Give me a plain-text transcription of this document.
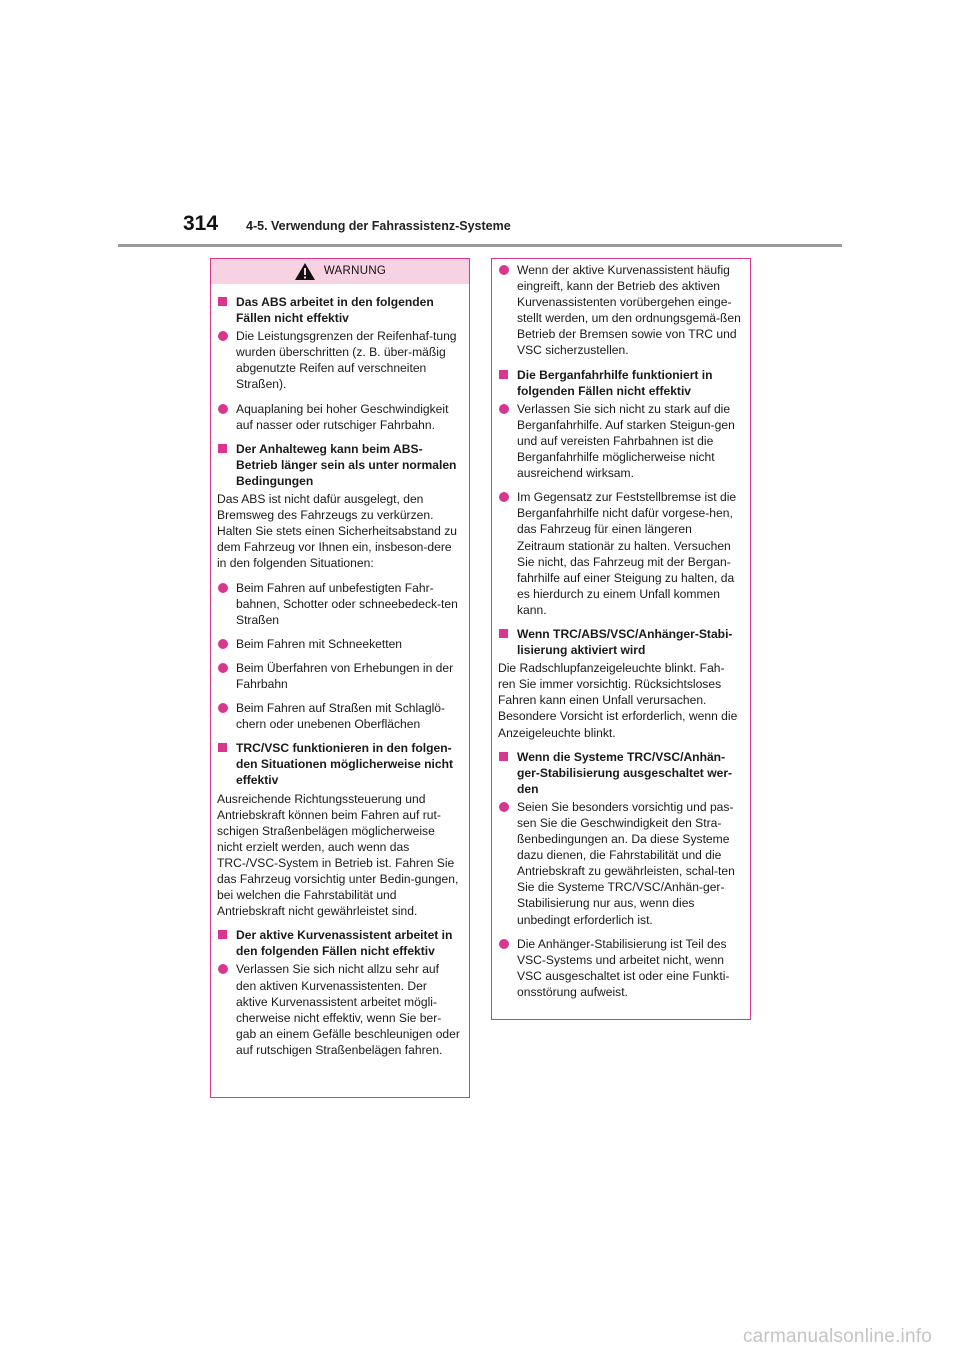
314	4-5. Verwendung der Fahrassistenz-Systeme
WARNUNG
Das ABS arbeitet in den folgenden Fällen nicht effektiv
Die Leistungsgrenzen der Reifenhaf-tung wurden überschritten (z. B. über-mäßig abgenutzte Reifen auf verschneiten Straßen).
Aquaplaning bei hoher Geschwindigkeit auf nasser oder rutschiger Fahrbahn.
Der Anhalteweg kann beim ABS-Betrieb länger sein als unter normalen Bedingungen
Das ABS ist nicht dafür ausgelegt, den Bremsweg des Fahrzeugs zu verkürzen. Halten Sie stets einen Sicherheitsabstand zu dem Fahrzeug vor Ihnen ein, insbeson-dere in den folgenden Situationen:
Beim Fahren auf unbefestigten Fahr-bahnen, Schotter oder schneebedeck-ten Straßen
Beim Fahren mit Schneeketten
Beim Überfahren von Erhebungen in der Fahrbahn
Beim Fahren auf Straßen mit Schlaglö-chern oder unebenen Oberflächen
TRC/VSC funktionieren in den folgen-den Situationen möglicherweise nicht effektiv
Ausreichende Richtungssteuerung und Antriebskraft können beim Fahren auf rut-schigen Straßenbelägen möglicherweise nicht erzielt werden, auch wenn das TRC-/VSC-System in Betrieb ist. Fahren Sie das Fahrzeug vorsichtig unter Bedin-gungen, bei welchen die Fahrstabilität und Antriebskraft nicht gewährleistet sind.
Der aktive Kurvenassistent arbeitet in den folgenden Fällen nicht effektiv
Verlassen Sie sich nicht allzu sehr auf den aktiven Kurvenassistenten. Der aktive Kurvenassistent arbeitet mögli-cherweise nicht effektiv, wenn Sie ber-gab an einem Gefälle beschleunigen oder auf rutschigen Straßenbelägen fahren.
Wenn der aktive Kurvenassistent häufig eingreift, kann der Betrieb des aktiven Kurvenassistenten vorübergehen einge-stellt werden, um den ordnungsgemä-ßen Betrieb der Bremsen sowie von TRC und VSC sicherzustellen.
Die Berganfahrhilfe funktioniert in folgenden Fällen nicht effektiv
Verlassen Sie sich nicht zu stark auf die Berganfahrhilfe. Auf starken Steigun-gen und auf vereisten Fahrbahnen ist die Berganfahrhilfe möglicherweise nicht ausreichend wirksam.
Im Gegensatz zur Feststellbremse ist die Berganfahrhilfe nicht dafür vorgese-hen, das Fahrzeug für einen längeren Zeitraum stationär zu halten. Versuchen Sie nicht, das Fahrzeug mit der Bergan-fahrhilfe auf einer Steigung zu halten, da es hierdurch zu einem Unfall kommen kann.
Wenn TRC/ABS/VSC/Anhänger-Stabi-lisierung aktiviert wird
Die Radschlupfanzeigeleuchte blinkt. Fah-ren Sie immer vorsichtig. Rücksichtsloses Fahren kann einen Unfall verursachen. Besondere Vorsicht ist erforderlich, wenn die Anzeigeleuchte blinkt.
Wenn die Systeme TRC/VSC/Anhän-ger-Stabilisierung ausgeschaltet wer-den
Seien Sie besonders vorsichtig und pas-sen Sie die Geschwindigkeit den Stra-ßenbedingungen an. Da diese Systeme dazu dienen, die Fahrstabilität und die Antriebskraft zu gewährleisten, schal-ten Sie die Systeme TRC/VSC/Anhän-ger-Stabilisierung nur aus, wenn dies unbedingt erforderlich ist.
Die Anhänger-Stabilisierung ist Teil des VSC-Systems und arbeitet nicht, wenn VSC ausgeschaltet ist oder eine Funkti-onsstörung aufweist.
carmanualsonline.info
